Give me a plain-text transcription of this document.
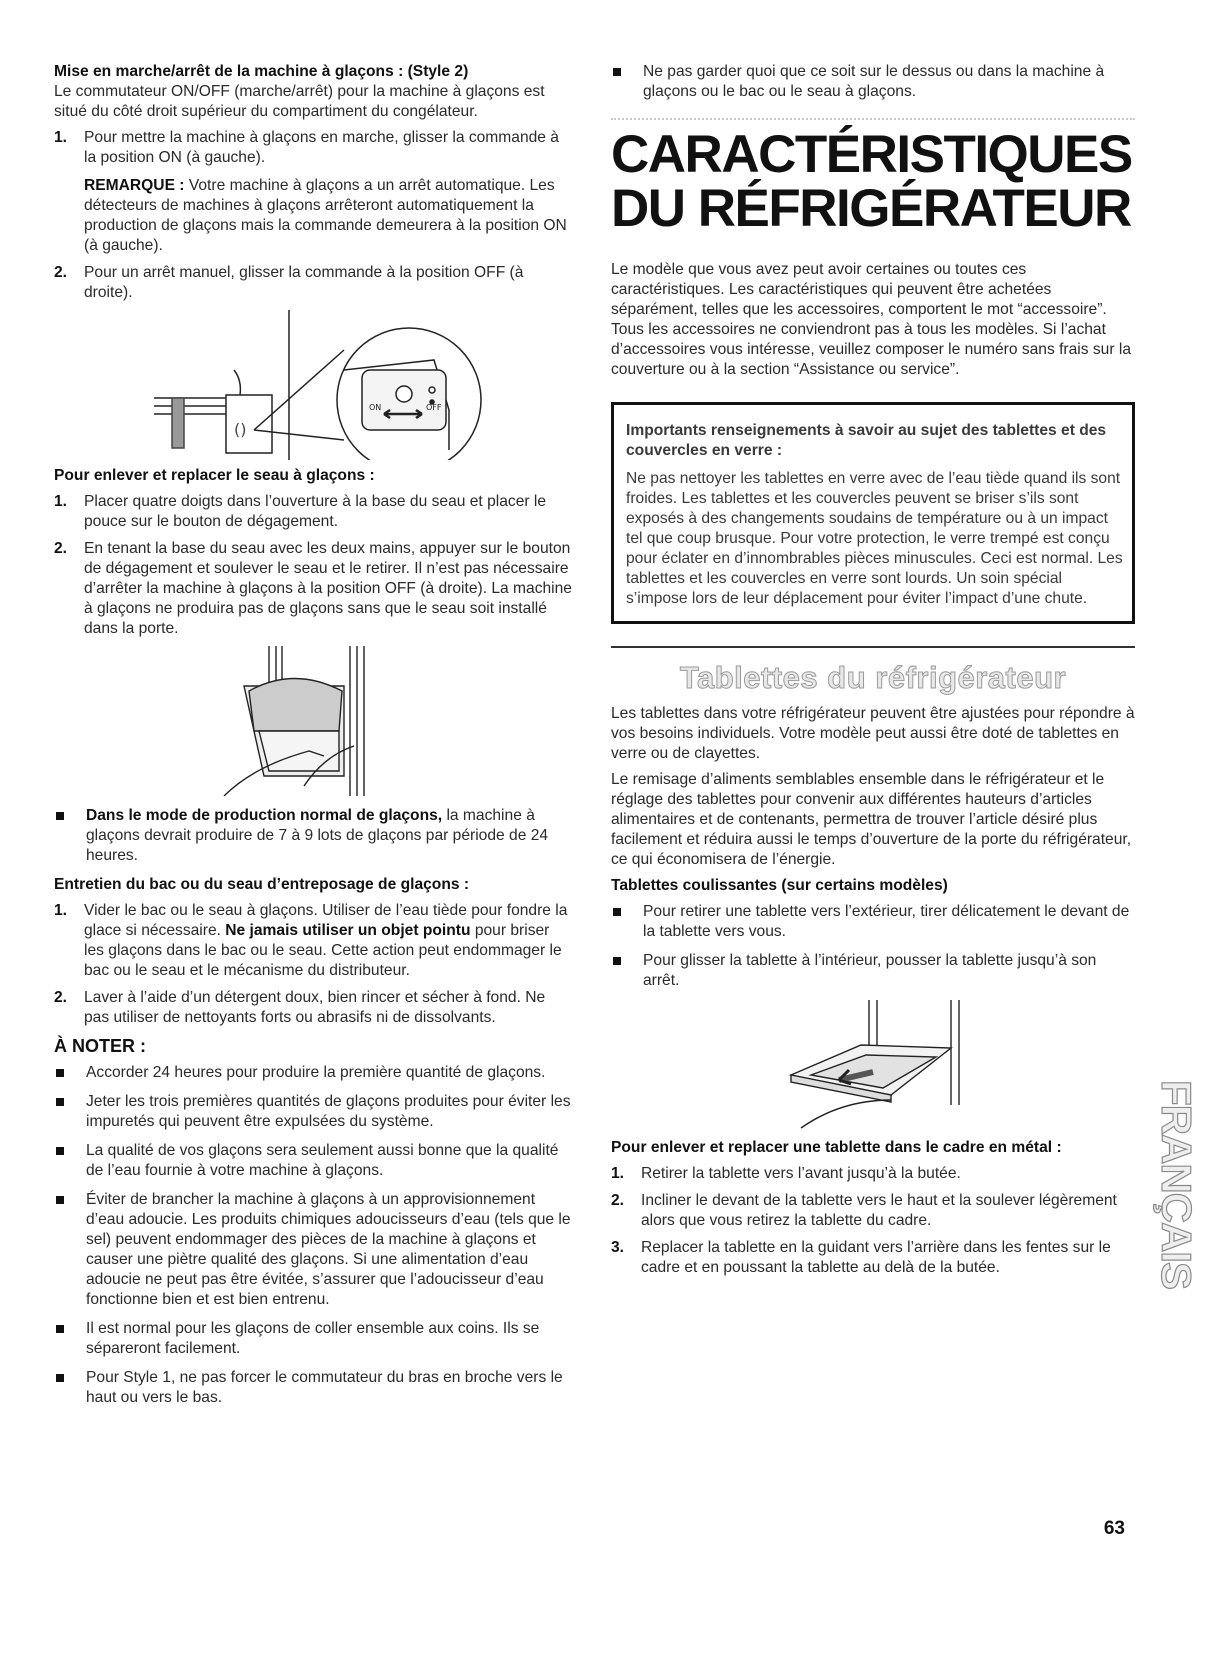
Mise en marche/arrêt de la machine à glaçons : (Style 2)

Le commutateur ON/OFF (marche/arrêt) pour la machine à glaçons est situé du côté droit supérieur du compartiment du congélateur.

1. Pour mettre la machine à glaçons en marche, glisser la commande à la position ON (à gauche).

REMARQUE : Votre machine à glaçons a un arrêt automatique. Les détecteurs de machines à glaçons arrêteront automatiquement la production de glaçons mais la commande demeurera à la position ON (à gauche).

2. Pour un arrêt manuel, glisser la commande à la position OFF (à droite).
()
ON	OFF

Pour enlever et replacer le seau à glaçons :

1. Placer quatre doigts dans l’ouverture à la base du seau et placer le pouce sur le bouton de dégagement.
2. En tenant la base du seau avec les deux mains, appuyer sur le bouton de dégagement et soulever le seau et le retirer. Il n’est pas nécessaire d’arrêter la machine à glaçons à la position OFF (à droite). La machine à glaçons ne produira pas de glaçons sans que le seau soit installé dans la porte.
Dans le mode de production normal de glaçons, la machine à glaçons devrait produire de 7 à 9 lots de glaçons par période de 24 heures.

Entretien du bac ou du seau d’entreposage de glaçons :

1. Vider le bac ou le seau à glaçons. Utiliser de l’eau tiède pour fondre la glace si nécessaire. Ne jamais utiliser un objet pointu pour briser les glaçons dans le bac ou le seau. Cette action peut endommager le bac ou le seau et le mécanisme du distributeur.
2. Laver à l’aide d’un détergent doux, bien rincer et sécher à fond. Ne pas utiliser de nettoyants forts ou abrasifs ni de dissolvants.

À NOTER :

Accorder 24 heures pour produire la première quantité de glaçons.
Jeter les trois premières quantités de glaçons produites pour éviter les impuretés qui peuvent être expulsées du système.
La qualité de vos glaçons sera seulement aussi bonne que la qualité de l’eau fournie à votre machine à glaçons.
Éviter de brancher la machine à glaçons à un approvisionnement d’eau adoucie. Les produits chimiques adoucisseurs d’eau (tels que le sel) peuvent endommager des pièces de la machine à glaçons et causer une piètre qualité des glaçons. Si une alimentation d’eau adoucie ne peut pas être évitée, s’assurer que l’adoucisseur d’eau fonctionne bien et est bien entrenu.
Il est normal pour les glaçons de coller ensemble aux coins. Ils se sépareront facilement.
Pour Style 1, ne pas forcer le commutateur du bras en broche vers le haut ou vers le bas.
Ne pas garder quoi que ce soit sur le dessus ou dans la machine à glaçons ou le bac ou le seau à glaçons.
CARACTÉRISTIQUES
DU RÉFRIGÉRATEUR

Le modèle que vous avez peut avoir certaines ou toutes ces caractéristiques. Les caractéristiques qui peuvent être achetées séparément, telles que les accessoires, comportent le mot “accessoire”. Tous les accessoires ne conviendront pas à tous les modèles. Si l’achat d’accessoires vous intéresse, veuillez composer le numéro sans frais sur la couverture ou à la section “Assistance ou service”.

Importants renseignements à savoir au sujet des tablettes et des couvercles en verre :

Ne pas nettoyer les tablettes en verre avec de l’eau tiède quand ils sont froides. Les tablettes et les couvercles peuvent se briser s’ils sont exposés à des changements soudains de température ou à un impact tel que coup brusque. Pour votre protection, le verre trempé est conçu pour éclater en d’innombrables pièces minuscules. Ceci est normal. Les tablettes et les couvercles en verre sont lourds. Un soin spécial s’impose lors de leur déplacement pour éviter l’impact d’une chute.

Tablettes du réfrigérateur

Les tablettes dans votre réfrigérateur peuvent être ajustées pour répondre à vos besoins individuels. Votre modèle peut aussi être doté de tablettes en verre ou de clayettes.

Le remisage d’aliments semblables ensemble dans le réfrigérateur et le réglage des tablettes pour convenir aux différentes hauteurs d’articles alimentaires et de contenants, permettra de trouver l’article désiré plus facilement et réduira aussi le temps d’ouverture de la porte du réfrigérateur, ce qui économisera de l’énergie.

Tablettes coulissantes (sur certains modèles)

Pour retirer une tablette vers l’extérieur, tirer délicatement le devant de la tablette vers vous.
Pour glisser la tablette à l’intérieur, pousser la tablette jusqu’à son arrêt.

Pour enlever et replacer une tablette dans le cadre en métal :

1. Retirer la tablette vers l’avant jusqu’à la butée.
2. Incliner le devant de la tablette vers le haut et la soulever légèrement alors que vous retirez la tablette du cadre.
3. Replacer la tablette en la guidant vers l’arrière dans les fentes sur le cadre et en poussant la tablette au delà de la butée.	FRANÇAIS
63
